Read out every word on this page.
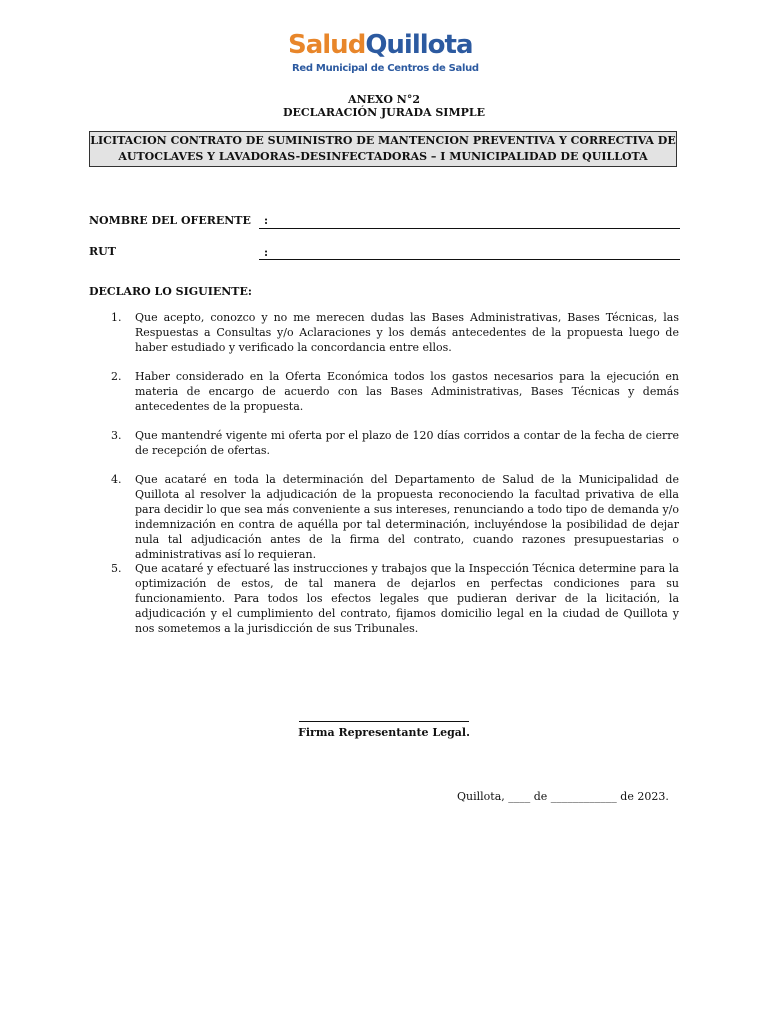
SaludQuillota
Red Municipal de Centros de Salud
ANEXO N°2
DECLARACIÓN JURADA SIMPLE
LICITACION CONTRATO DE SUMINISTRO DE MANTENCION PREVENTIVA Y CORRECTIVA DE
AUTOCLAVES Y LAVADORAS-DESINFECTADORAS – I MUNICIPALIDAD DE QUILLOTA
NOMBRE DEL OFERENTE :
RUT	:
DECLARO LO SIGUIENTE:
1. Que acepto, conozco y no me merecen dudas las Bases Administrativas, Bases Técnicas, las Respuestas a Consultas y/o Aclaraciones y los demás antecedentes de la propuesta luego de haber estudiado y verificado la concordancia entre ellos.
2. Haber considerado en la Oferta Económica todos los gastos necesarios para la ejecución en materia de encargo de acuerdo con las Bases Administrativas, Bases Técnicas y demás antecedentes de la propuesta.
3. Que mantendré vigente mi oferta por el plazo de 120 días corridos a contar de la fecha de cierre de recepción de ofertas.
4. Que acataré en toda la determinación del Departamento de Salud de la Municipalidad de Quillota al resolver la adjudicación de la propuesta reconociendo la facultad privativa de ella para decidir lo que sea más conveniente a sus intereses, renunciando a todo tipo de demanda y/o indemnización en contra de aquélla por tal determinación, incluyéndose la posibilidad de dejar nula tal adjudicación antes de la firma del contrato, cuando razones presupuestarias o administrativas así lo requieran.
5. Que acataré y efectuaré las instrucciones y trabajos que la Inspección Técnica determine para la optimización de estos, de tal manera de dejarlos en perfectas condiciones para su funcionamiento. Para todos los efectos legales que pudieran derivar de la licitación, la adjudicación y el cumplimiento del contrato, fijamos domicilio legal en la ciudad de Quillota y nos sometemos a la jurisdicción de sus Tribunales.
Firma Representante Legal.
Quillota, ____ de ____________ de 2023.
